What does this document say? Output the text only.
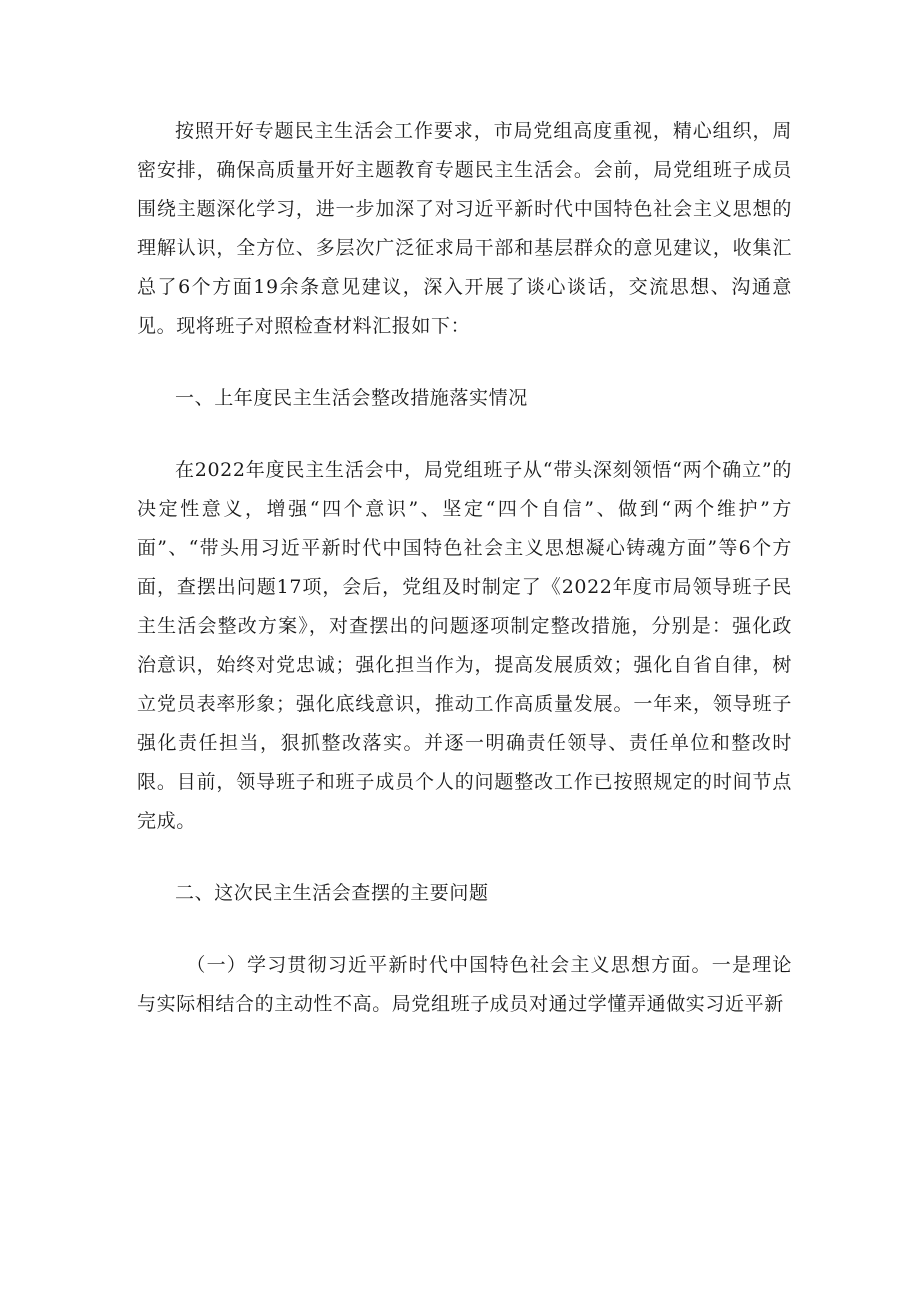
按照开好专题民主生活会工作要求，市局党组高度重视，精心组织，周密安排，确保高质量开好主题教育专题民主生活会。会前，局党组班子成员围绕主题深化学习，进一步加深了对习近平新时代中国特色社会主义思想的理解认识，全方位、多层次广泛征求局干部和基层群众的意见建议，收集汇总了6个方面19余条意见建议，深入开展了谈心谈话，交流思想、沟通意见。现将班子对照检查材料汇报如下：

一、上年度民主生活会整改措施落实情况

在2022年度民主生活会中，局党组班子从“带头深刻领悟“两个确立”的决定性意义，增强“四个意识”、坚定“四个自信”、做到“两个维护”方面”、“带头用习近平新时代中国特色社会主义思想凝心铸魂方面”等6个方面，查摆出问题17项，会后，党组及时制定了《2022年度市局领导班子民主生活会整改方案》，对查摆出的问题逐项制定整改措施，分别是：强化政治意识，始终对党忠诚；强化担当作为，提高发展质效；强化自省自律，树立党员表率形象；强化底线意识，推动工作高质量发展。一年来，领导班子强化责任担当，狠抓整改落实。并逐一明确责任领导、责任单位和整改时限。目前，领导班子和班子成员个人的问题整改工作已按照规定的时间节点完成。

二、这次民主生活会查摆的主要问题

（一）学习贯彻习近平新时代中国特色社会主义思想方面。一是理论与实际相结合的主动性不高。局党组班子成员对通过学懂弄通做实习近平新
